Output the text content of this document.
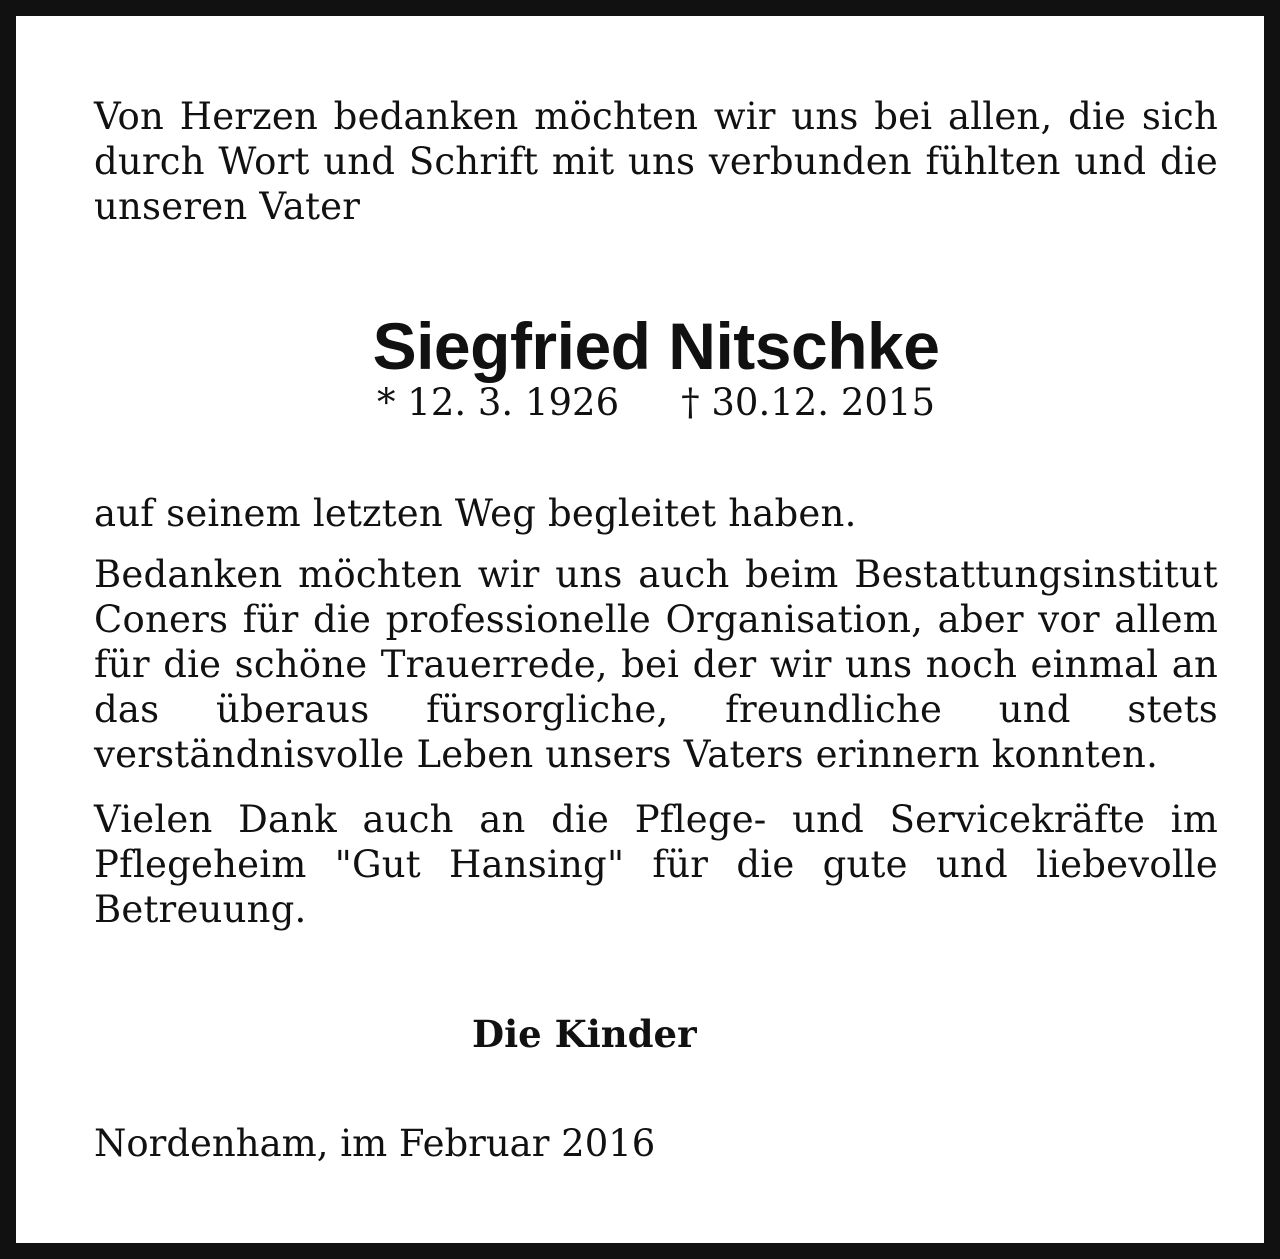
Von Herzen bedanken möchten wir uns bei allen, die sich durch Wort und Schrift mit uns verbunden fühlten und die unseren Vater

Siegfried Nitschke

* 12. 3. 1926 † 30.12. 2015

auf seinem letzten Weg begleitet haben.

Bedanken möchten wir uns auch beim Bestattungsinstitut Coners für die professionelle Organisation, aber vor allem für die schöne Trauerrede, bei der wir uns noch einmal an das überaus fürsorgliche, freundliche und stets verständnisvolle Leben unsers Vaters erinnern konnten.

Vielen Dank auch an die Pflege- und Servicekräfte im Pflegeheim "Gut Hansing" für die gute und liebevolle Betreuung.

Die Kinder

Nordenham, im Februar 2016
